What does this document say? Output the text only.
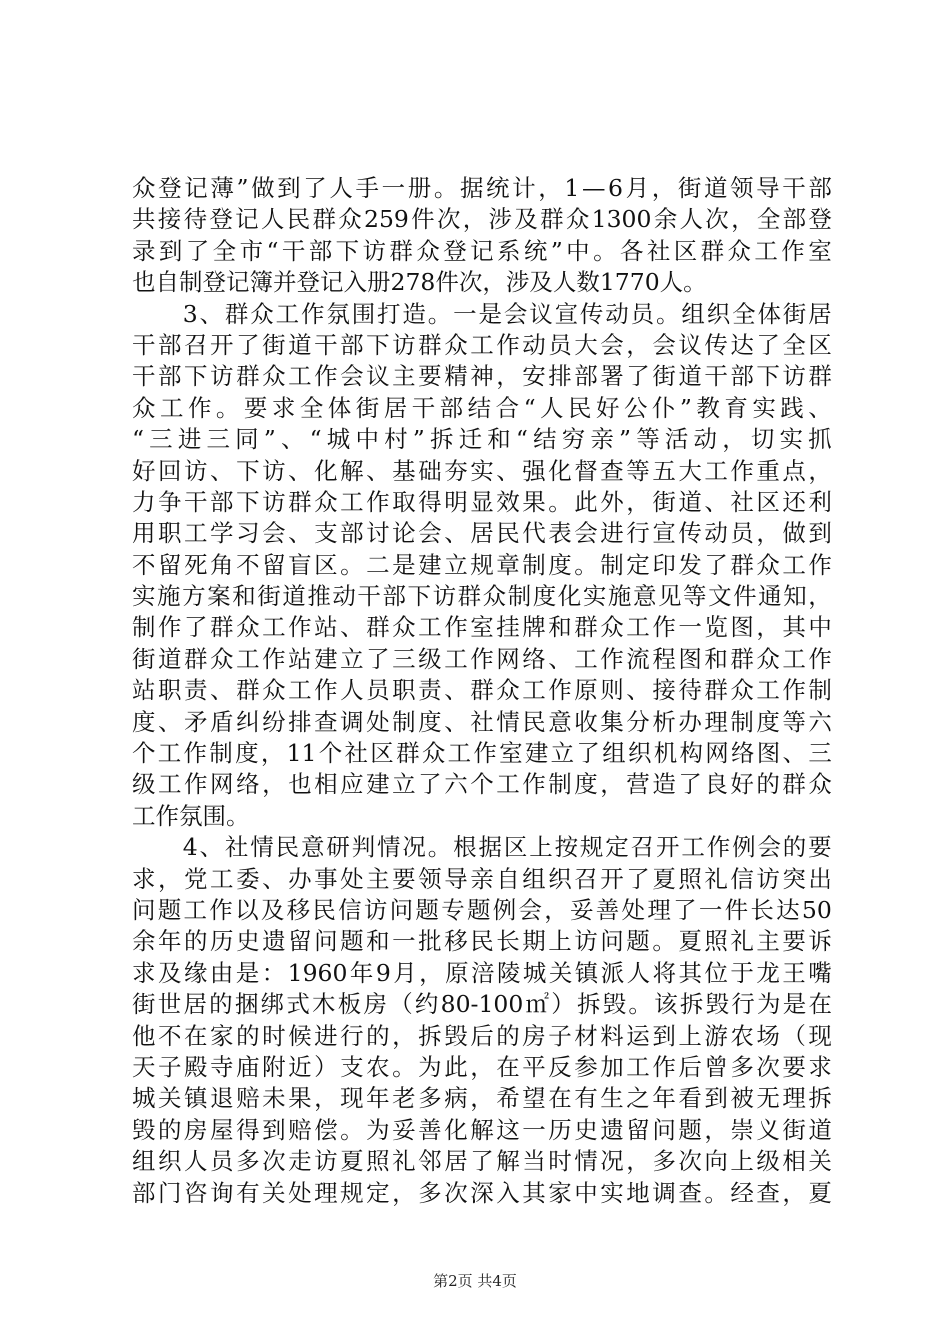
众 登 记 薄 ” 做 到 了 人 手 一 册 。 据 统 计 ， 1 — 6 月 ， 街 道 领 导 干 部
共 接 待 登 记 人 民 群 众 259 件 次 ， 涉 及 群 众 1300 余 人 次 ， 全 部 登
录 到 了 全 市 “ 干 部 下 访 群 众 登 记 系 统 ” 中 。 各 社 区 群 众 工 作 室
也自制登记簿并登记入册278件次，涉及人数1770人。

3 、 群 众 工 作 氛 围 打 造 。 一 是 会 议 宣 传 动 员 。 组 织 全 体 街 居
干 部 召 开 了 街 道 干 部 下 访 群 众 工 作 动 员 大 会 ， 会 议 传 达 了 全 区
干 部 下 访 群 众 工 作 会 议 主 要 精 神 ， 安 排 部 署 了 街 道 干 部 下 访 群
众 工 作 。 要 求 全 体 街 居 干 部 结 合 “ 人 民 好 公 仆 ” 教 育 实 践 、
“ 三 进 三 同 ” 、 “ 城 中 村 ” 拆 迁 和 “ 结 穷 亲 ” 等 活 动 ， 切 实 抓
好 回 访 、 下 访 、 化 解 、 基 础 夯 实 、 强 化 督 查 等 五 大 工 作 重 点 ，
力 争 干 部 下 访 群 众 工 作 取 得 明 显 效 果 。 此 外 ， 街 道 、 社 区 还 利
用 职 工 学 习 会 、 支 部 讨 论 会 、 居 民 代 表 会 进 行 宣 传 动 员 ， 做 到
不 留 死 角 不 留 盲 区 。 二 是 建 立 规 章 制 度 。 制 定 印 发 了 群 众 工 作
实 施 方 案 和 街 道 推 动 干 部 下 访 群 众 制 度 化 实 施 意 见 等 文 件 通 知 ，
制 作 了 群 众 工 作 站 、 群 众 工 作 室 挂 牌 和 群 众 工 作 一 览 图 ， 其 中
街 道 群 众 工 作 站 建 立 了 三 级 工 作 网 络 、 工 作 流 程 图 和 群 众 工 作
站 职 责 、 群 众 工 作 人 员 职 责 、 群 众 工 作 原 则 、 接 待 群 众 工 作 制
度 、 矛 盾 纠 纷 排 查 调 处 制 度 、 社 情 民 意 收 集 分 析 办 理 制 度 等 六
个 工 作 制 度 ， 11 个 社 区 群 众 工 作 室 建 立 了 组 织 机 构 网 络 图 、 三
级 工 作 网 络 ， 也 相 应 建 立 了 六 个 工 作 制 度 ， 营 造 了 良 好 的 群 众
工作氛围。

4 、 社 情 民 意 研 判 情 况 。 根 据 区 上 按 规 定 召 开 工 作 例 会 的 要
求 ， 党 工 委 、 办 事 处 主 要 领 导 亲 自 组 织 召 开 了 夏 照 礼 信 访 突 出
问 题 工 作 以 及 移 民 信 访 问 题 专 题 例 会 ， 妥 善 处 理 了 一 件 长 达 50
余 年 的 历 史 遗 留 问 题 和 一 批 移 民 长 期 上 访 问 题 。 夏 照 礼 主 要 诉
求 及 缘 由 是 ： 1960 年 9 月 ， 原 涪 陵 城 关 镇 派 人 将 其 位 于 龙 王 嘴
街 世 居 的 捆 绑 式 木 板 房 （ 约 80-100 ㎡ ） 拆 毁 。 该 拆 毁 行 为 是 在
他 不 在 家 的 时 候 进 行 的 ， 拆 毁 后 的 房 子 材 料 运 到 上 游 农 场 （ 现
天 子 殿 寺 庙 附 近 ） 支 农 。 为 此 ， 在 平 反 参 加 工 作 后 曾 多 次 要 求
城 关 镇 退 赔 未 果 ， 现 年 老 多 病 ， 希 望 在 有 生 之 年 看 到 被 无 理 拆
毁 的 房 屋 得 到 赔 偿 。 为 妥 善 化 解 这 一 历 史 遗 留 问 题 ， 崇 义 街 道
组 织 人 员 多 次 走 访 夏 照 礼 邻 居 了 解 当 时 情 况 ， 多 次 向 上 级 相 关
部 门 咨 询 有 关 处 理 规 定 ， 多 次 深 入 其 家 中 实 地 调 查 。 经 查 ， 夏
第2页 共4页
